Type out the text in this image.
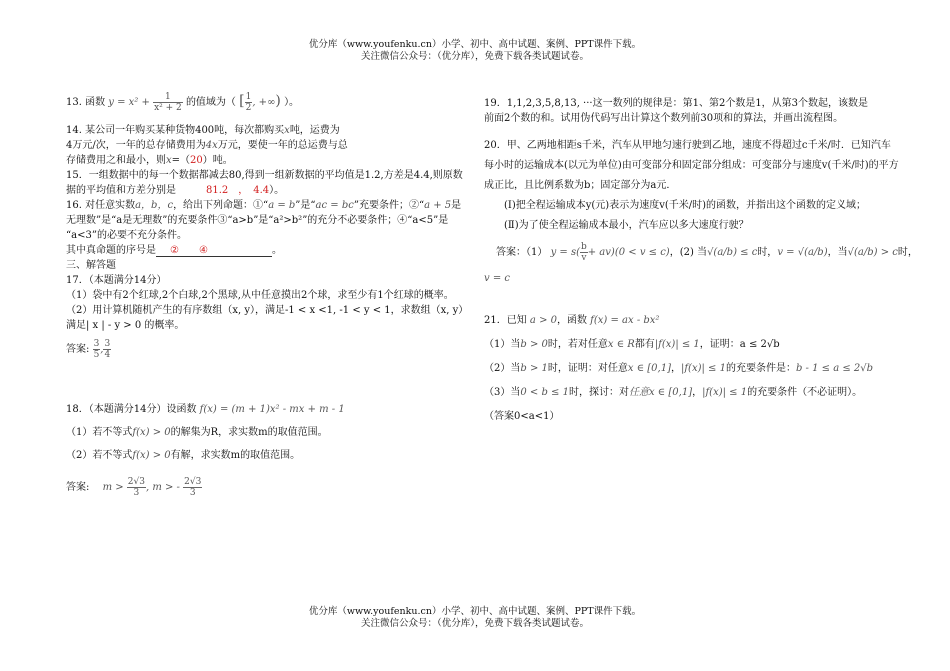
优分库（www.youfenku.cn）小学、初中、高中试题、案例、PPT课件下载。
关注微信公众号：（优分库），免费下载各类试题试卷。
13. 函数 $y = x^2 + \frac{1}{\text{x² + 2}}$ 的值域为（ [ $\frac{1}{2}$ , +∞) ）。
14. 某公司一年购买某种货物400吨，每次都购买x吨，运费为
4万元/次，一年的总存储费用为4x万元，要使一年的总运费与总
存储费用之和最小，则x=（20）吨。
15．一组数据中的每一个数据都减去80,得到一组新数据的平均值是1.2,方差是4.4,则原数
据的平均值和方差分别是　　　	81.2　 ，　 4.4）。
16. 对任意实数a，b，c，给出下列命题：①“a = b”是“ac = bc”充要条件；②“a + 5是
无理数”是“a是无理数”的充要条件③“a>b”是“a²>b²”的充分不必要条件；④“a<5”是
“a<3”的必要不充分条件。
其中真命题的序号是 ②　　④　　　　　	。
三、解答题
17．（本题满分14分）
（1）袋中有2个红球,2个白球,2个黑球,从中任意摸出2个球，求至少有1个红球的概率。
（2）用计算机随机产生的有序数组（x, y），满足-1 < x <1, -1 < y < 1，求数组（x, y）
满足| x | - y > 0 的概率。
答案: $\frac{3}{5}$ , $\frac{3}{4}$
18．（本题满分14分）设函数 f(x) = (m + 1)x² - mx + m - 1
（1）若不等式f(x) > 0的解集为R，求实数m的取值范围。
（2）若不等式f(x) > 0有解，求实数m的取值范围。
答案:　 $m > \frac{2√3}{3}$ , m > - $\frac{2√3}{3}$
19．1,1,2,3,5,8,13, ···这一数列的规律是：第1、第2个数是1，从第3个数起，该数是
前面2个数的和。试用伪代码写出计算这个数列前30项和的算法，并画出流程图。
20．甲、乙两地相距s千米，汽车从甲地匀速行驶到乙地，速度不得超过c千米/时．已知汽车
每小时的运输成本(以元为单位)由可变部分和固定部分组成：可变部分与速度v(千米/时)的平方
成正比，且比例系数为b；固定部分为a元．
(Ⅰ)把全程运输成本y(元)表示为速度v(千米/时)的函数，并指出这个函数的定义域；
(Ⅱ)为了使全程运输成本最小，汽车应以多大速度行驶？
答案：（1） $y = s( \frac{b}{v} + av)(0 < v \le c)$，(2) 当√(a/b) ≤ c时，v = √(a/b)，当√(a/b) > c时，
v = c
21．已知 a > 0，函数 f(x) = ax - bx²
（1）当b > 0时，若对任意x ∈ R都有|f(x)| ≤ 1，证明：a ≤ 2√b
（2）当b > 1时，证明：对任意x ∈ [0,1]，|f(x)| ≤ 1的充要条件是：b - 1 ≤ a ≤ 2√b
（3）当0 < b ≤ 1时，探讨：对任意x ∈ [0,1]，|f(x)| ≤ 1的充要条件（不必证明）。
（答案0<a<1）
优分库（www.youfenku.cn）小学、初中、高中试题、案例、PPT课件下载。
关注微信公众号：（优分库），免费下载各类试题试卷。
